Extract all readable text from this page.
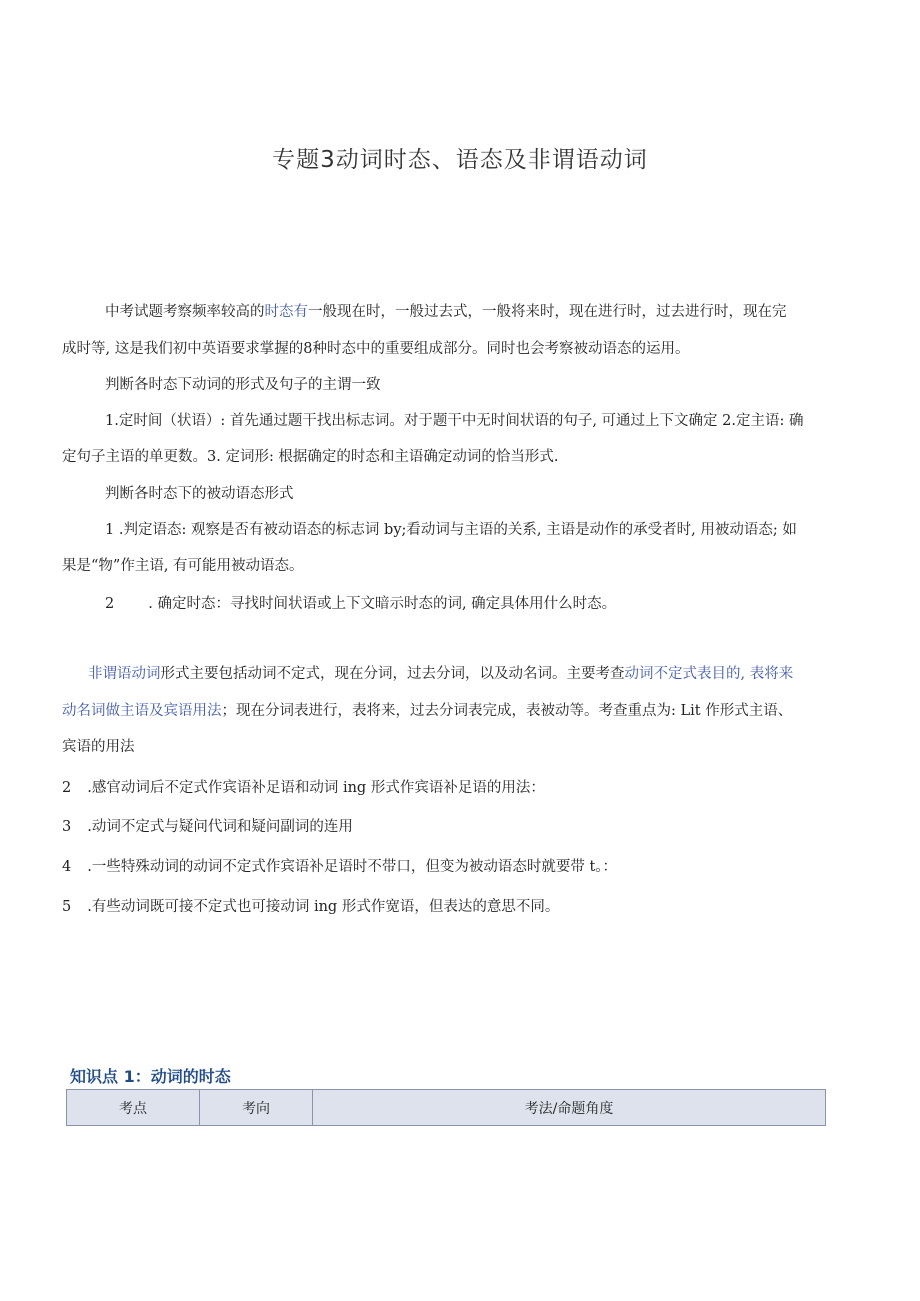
专题3动词时态、语态及非谓语动词
中考试题考察频率较高的时态有一般现在时，一般过去式，一般将来时，现在进行时，过去进行时，现在完
成时等, 这是我们初中英语要求掌握的8种时态中的重要组成部分。同时也会考察被动语态的运用。
判断各时态下动词的形式及句子的主谓一致
1.定时间（状语）: 首先通过题干找出标志词。对于题干中无时间状语的句子, 可通过上下文确定 2.定主语: 确
定句子主语的单更数。3. 定词形: 根据确定的时态和主语确定动词的恰当形式.
判断各时态下的被动语态形式
1 .判定语态: 观察是否有被动语态的标志词 by;看动词与主语的关系, 主语是动作的承受者时, 用被动语态; 如
果是“物”作主语, 有可能用被动语态。
2 . 确定时态：寻找时间状语或上下文暗示时态的词, 确定具体用什么时态。
非谓语动词形式主要包括动词不定式，现在分词，过去分词，以及动名词。主要考查动词不定式表目的, 表将来
动名词做主语及宾语用法；现在分词表进行，表将来，过去分词表完成，表被动等。考查重点为: Lit 作形式主语、
宾语的用法
2 .感官动词后不定式作宾语补足语和动词 ing 形式作宾语补足语的用法：
3 .动词不定式与疑问代词和疑问副词的连用
4 .一些特殊动词的动词不定式作宾语补足语时不带口，但变为被动语态时就要带 t。：
5 .有些动词既可接不定式也可接动词 ing 形式作宽语，但表达的意思不同。
知识点 1：动词的时态
考点	考向	考法/命题角度
